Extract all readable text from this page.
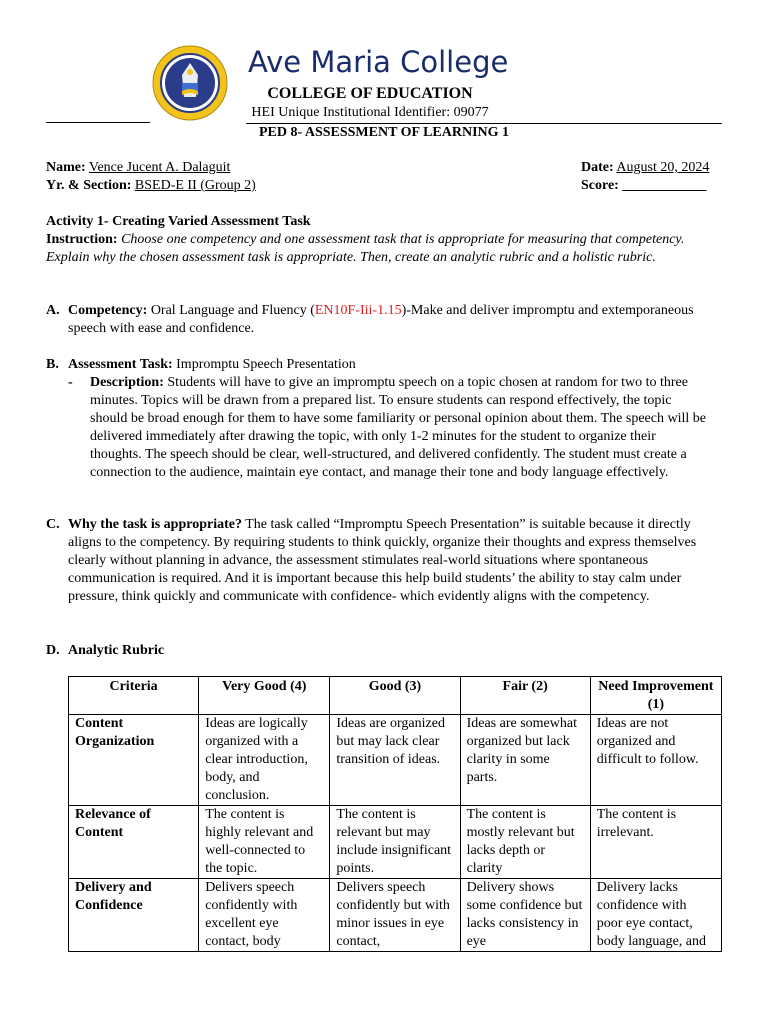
Ave Maria College
COLLEGE OF EDUCATION
HEI Unique Institutional Identifier: 09077
PED 8- ASSESSMENT OF LEARNING 1
Name: Vence Jucent A. Dalaguit
Yr. & Section: BSED-E II (Group 2)
Date: August 20, 2024
Score: ____________
Activity 1- Creating Varied Assessment Task
Instruction: Choose one competency and one assessment task that is appropriate for measuring that competency. Explain why the chosen assessment task is appropriate. Then, create an analytic rubric and a holistic rubric.
A. Competency: Oral Language and Fluency (EN10F-Iii-1.15)-Make and deliver impromptu and extemporaneous speech with ease and confidence.
B. Assessment Task: Impromptu Speech Presentation
- Description: Students will have to give an impromptu speech on a topic chosen at random for two to three minutes. Topics will be drawn from a prepared list. To ensure students can respond effectively, the topic should be broad enough for them to have some familiarity or personal opinion about them. The speech will be delivered immediately after drawing the topic, with only 1-2 minutes for the student to organize their thoughts. The speech should be clear, well-structured, and delivered confidently. The student must create a connection to the audience, maintain eye contact, and manage their tone and body language effectively.
C. Why the task is appropriate? The task called “Impromptu Speech Presentation” is suitable because it directly aligns to the competency. By requiring students to think quickly, organize their thoughts and express themselves clearly without planning in advance, the assessment stimulates real-world situations where spontaneous communication is required. And it is important because this help build students’ the ability to stay calm under pressure, think quickly and communicate with confidence- which evidently aligns with the competency.
D. Analytic Rubric
Criteria	Very Good (4)	Good (3)	Fair (2)	Need Improvement (1)
Content Organization	Ideas are logically organized with a clear introduction, body, and conclusion.	Ideas are organized but may lack clear transition of ideas.	Ideas are somewhat organized but lack clarity in some parts.	Ideas are not organized and difficult to follow.
Relevance of Content	The content is highly relevant and well-connected to the topic.	The content is relevant but may include insignificant points.	The content is mostly relevant but lacks depth or clarity	The content is irrelevant.
Delivery and Confidence	Delivers speech confidently with excellent eye contact, body	Delivers speech confidently but with minor issues in eye contact,	Delivery shows some confidence but lacks consistency in eye	Delivery lacks confidence with poor eye contact, body language, and
